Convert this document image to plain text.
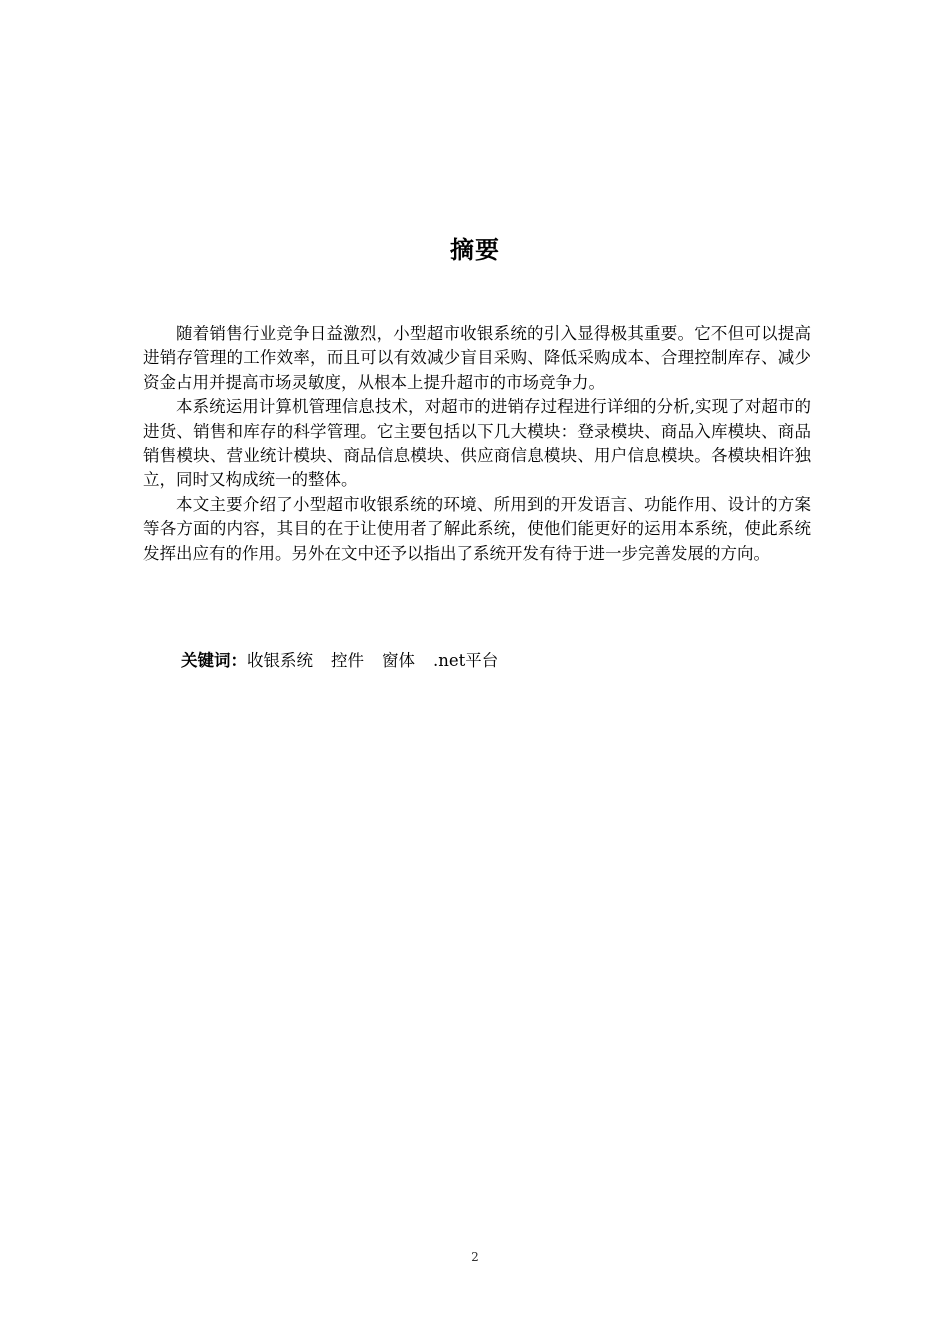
摘要

随着销售行业竞争日益激烈，小型超市收银系统的引入显得极其重要。它不但可以提高进销存管理的工作效率，而且可以有效减少盲目采购、降低采购成本、合理控制库存、减少资金占用并提高市场灵敏度，从根本上提升超市的市场竞争力。

本系统运用计算机管理信息技术，对超市的进销存过程进行详细的分析,实现了对超市的进货、销售和库存的科学管理。它主要包括以下几大模块：登录模块、商品入库模块、商品销售模块、营业统计模块、商品信息模块、供应商信息模块、用户信息模块。各模块相许独立，同时又构成统一的整体。

本文主要介绍了小型超市收银系统的环境、所用到的开发语言、功能作用、设计的方案等各方面的内容，其目的在于让使用者了解此系统，使他们能更好的运用本系统，使此系统发挥出应有的作用。另外在文中还予以指出了系统开发有待于进一步完善发展的方向。

关键词：收银系统 控件 窗体 .net平台
2
